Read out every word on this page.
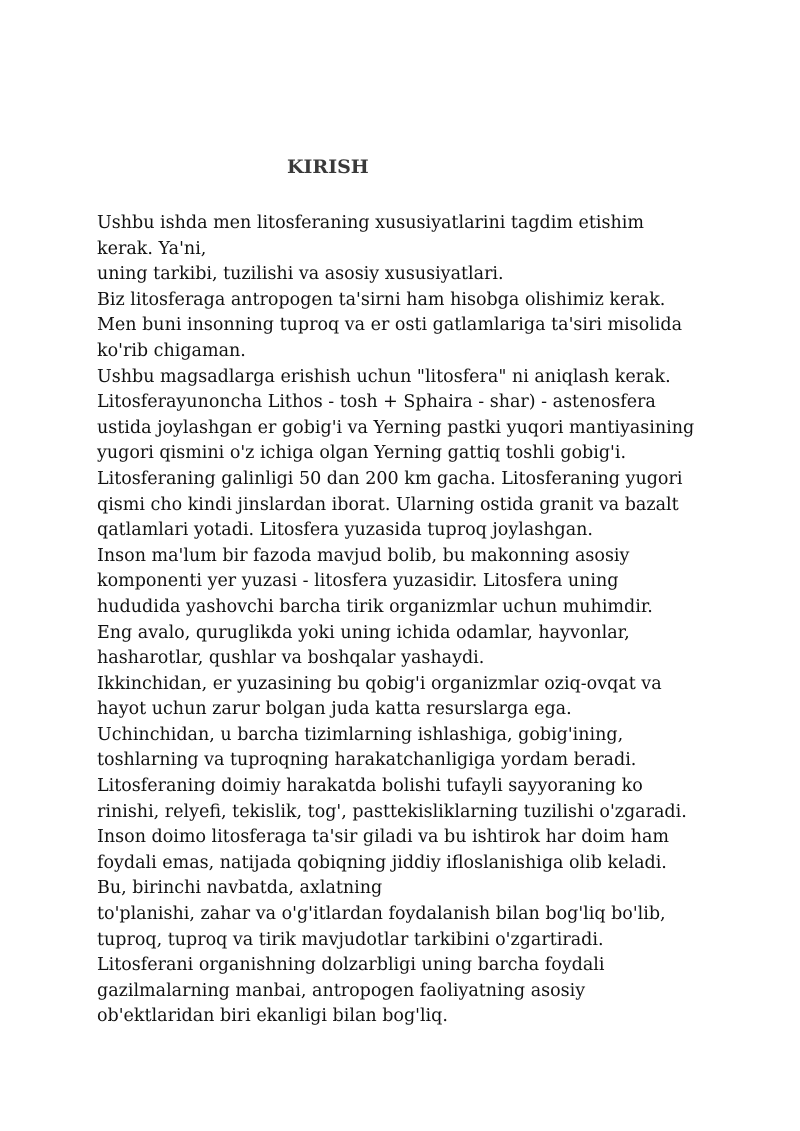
KIRISH
Ushbu ishda men litosferaning xususiyatlarini tagdim etishim
kerak. Ya'ni,
uning tarkibi, tuzilishi va asosiy xususiyatlari.
Biz litosferaga antropogen ta'sirni ham hisobga olishimiz kerak.
Men buni insonning tuproq va er osti gatlamlariga ta'siri misolida
ko'rib chigaman.
Ushbu magsadlarga erishish uchun "litosfera" ni aniqlash kerak.
Litosferayunoncha Lithos - tosh + Sphaira - shar) - astenosfera
ustida joylashgan er gobig'i va Yerning pastki yuqori mantiyasining
yugori qismini o'z ichiga olgan Yerning gattiq toshli gobig'i.
Litosferaning galinligi 50 dan 200 km gacha. Litosferaning yugori
qismi cho kindi jinslardan iborat. Ularning ostida granit va bazalt
qatlamlari yotadi. Litosfera yuzasida tuproq joylashgan.
Inson ma'lum bir fazoda mavjud bolib, bu makonning asosiy
komponenti yer yuzasi - litosfera yuzasidir. Litosfera uning
hududida yashovchi barcha tirik organizmlar uchun muhimdir.
Eng avalo, quruglikda yoki uning ichida odamlar, hayvonlar,
hasharotlar, qushlar va boshqalar yashaydi.
Ikkinchidan, er yuzasining bu qobig'i organizmlar oziq-ovqat va
hayot uchun zarur bolgan juda katta resurslarga ega.
Uchinchidan, u barcha tizimlarning ishlashiga, gobig'ining,
toshlarning va tuproqning harakatchanligiga yordam beradi.
Litosferaning doimiy harakatda bolishi tufayli sayyoraning ko
rinishi, relyefi, tekislik, tog', pasttekisliklarning tuzilishi o'zgaradi.
Inson doimo litosferaga ta'sir giladi va bu ishtirok har doim ham
foydali emas, natijada qobiqning jiddiy ifloslanishiga olib keladi.
Bu, birinchi navbatda, axlatning
to'planishi, zahar va o'g'itlardan foydalanish bilan bog'liq bo'lib,
tuproq, tuproq va tirik mavjudotlar tarkibini o'zgartiradi.
Litosferani organishning dolzarbligi uning barcha foydali
gazilmalarning manbai, antropogen faoliyatning asosiy
ob'ektlaridan biri ekanligi bilan bog'liq.
